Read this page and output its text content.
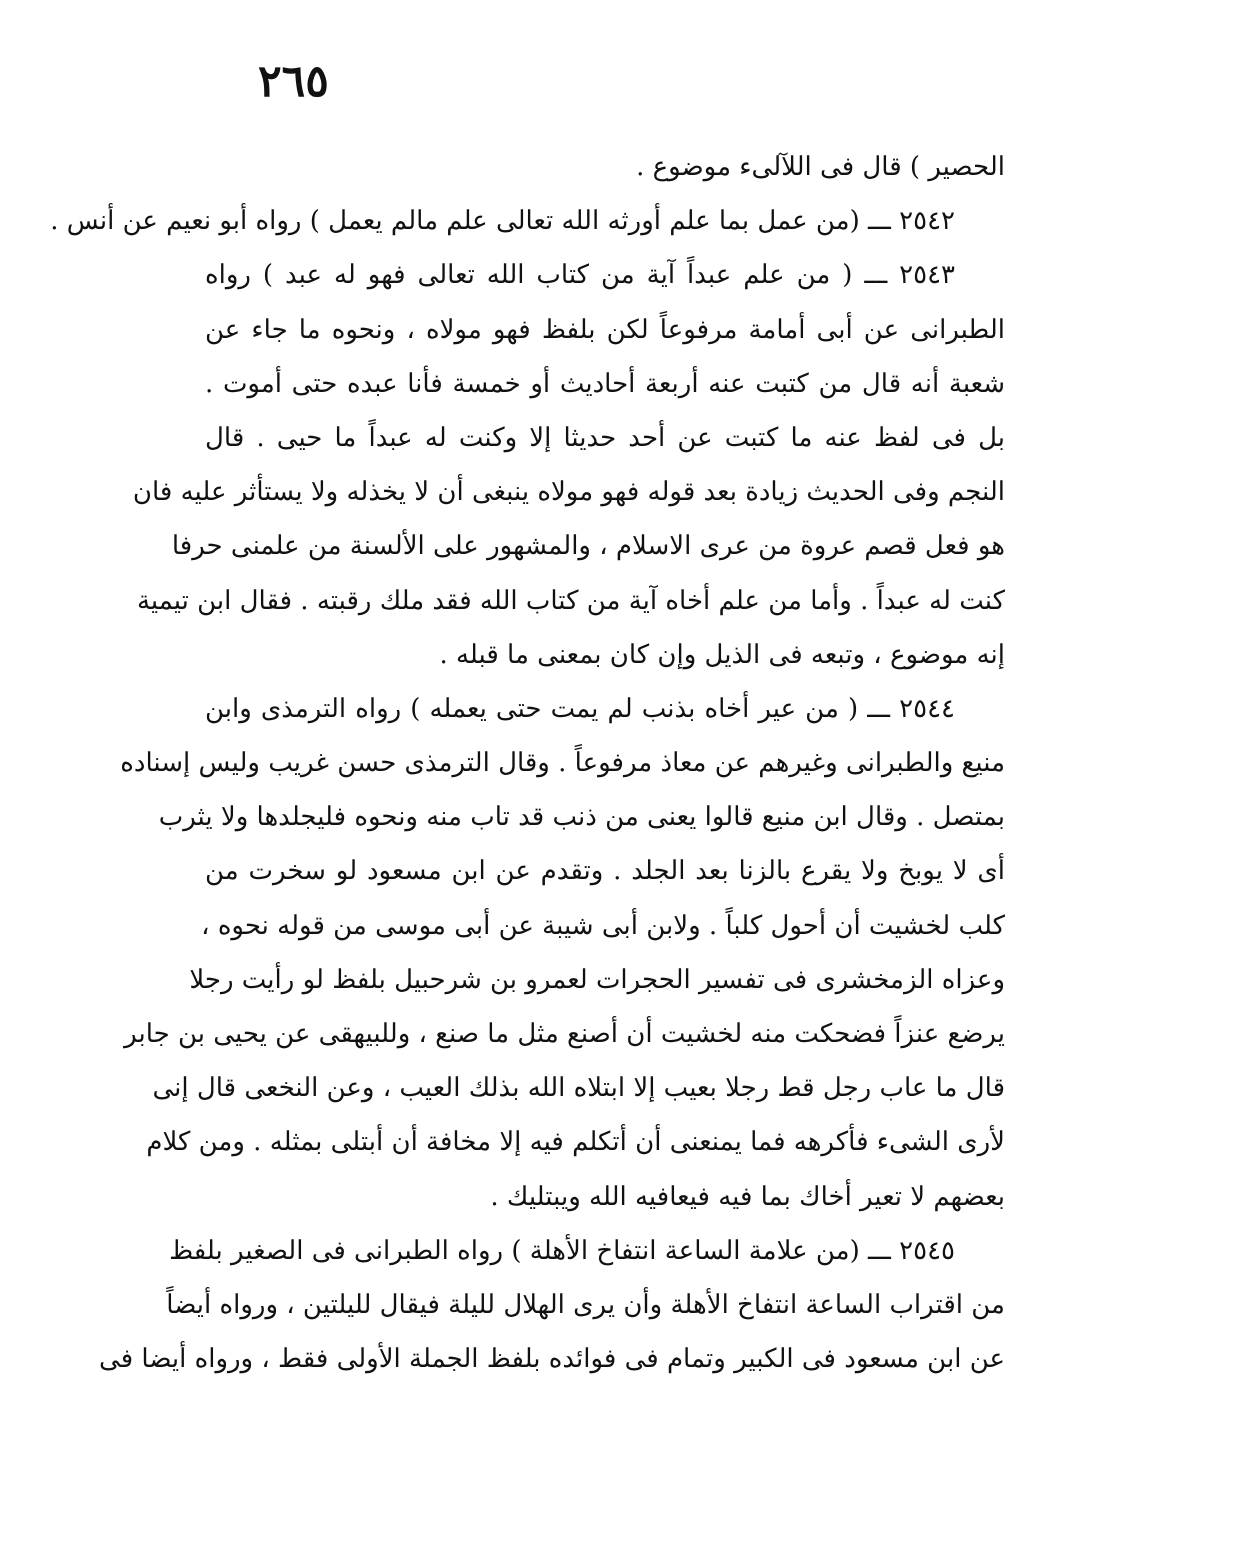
٢٦٥
الحصير ) قال فى اللآلىء موضوع .
٢٥٤٢ ـــ (من عمل بما علم أورثه الله تعالى علم مالم يعمل ) رواه أبو نعيم عن أنس .
٢٥٤٣ ـــ ( من علم عبداً آية من كتاب الله تعالى فهو له عبد ) رواه
الطبرانى عن أبى أمامة مرفوعاً لكن بلفظ فهو مولاه ، ونحوه ما جاء عن
شعبة أنه قال من كتبت عنه أربعة أحاديث أو خمسة فأنا عبده حتى أموت .
بل فى لفظ عنه ما كتبت عن أحد حديثا إلا وكنت له عبداً ما حيى . قال
النجم وفى الحديث زيادة بعد قوله فهو مولاه ينبغى أن لا يخذله ولا يستأثر عليه فان
هو فعل قصم عروة من عرى الاسلام ، والمشهور على الألسنة من علمنى حرفا
كنت له عبداً . وأما من علم أخاه آية من كتاب الله فقد ملك رقبته . فقال ابن تيمية
إنه موضوع ، وتبعه فى الذيل وإن كان بمعنى ما قبله .
٢٥٤٤ ـــ ( من عير أخاه بذنب لم يمت حتى يعمله ) رواه الترمذى وابن
منيع والطبرانى وغيرهم عن معاذ مرفوعاً . وقال الترمذى حسن غريب وليس إسناده
بمتصل . وقال ابن منيع قالوا يعنى من ذنب قد تاب منه ونحوه فليجلدها ولا يثرب
أى لا يوبخ ولا يقرع بالزنا بعد الجلد . وتقدم عن ابن مسعود لو سخرت من
كلب لخشيت أن أحول كلباً . ولابن أبى شيبة عن أبى موسى من قوله نحوه ،
وعزاه الزمخشرى فى تفسير الحجرات لعمرو بن شرحبيل بلفظ لو رأيت رجلا
يرضع عنزاً فضحكت منه لخشيت أن أصنع مثل ما صنع ، وللبيهقى عن يحيى بن جابر
قال ما عاب رجل قط رجلا بعيب إلا ابتلاه الله بذلك العيب ، وعن النخعى قال إنى
لأرى الشىء فأكرهه فما يمنعنى أن أتكلم فيه إلا مخافة أن أبتلى بمثله . ومن كلام
بعضهم لا تعير أخاك بما فيه فيعافيه الله ويبتليك .
٢٥٤٥ ـــ (من علامة الساعة انتفاخ الأهلة ) رواه الطبرانى فى الصغير بلفظ
من اقتراب الساعة انتفاخ الأهلة وأن يرى الهلال لليلة فيقال لليلتين ، ورواه أيضاً
عن ابن مسعود فى الكبير وتمام فى فوائده بلفظ الجملة الأولى فقط ، ورواه أيضا فى
